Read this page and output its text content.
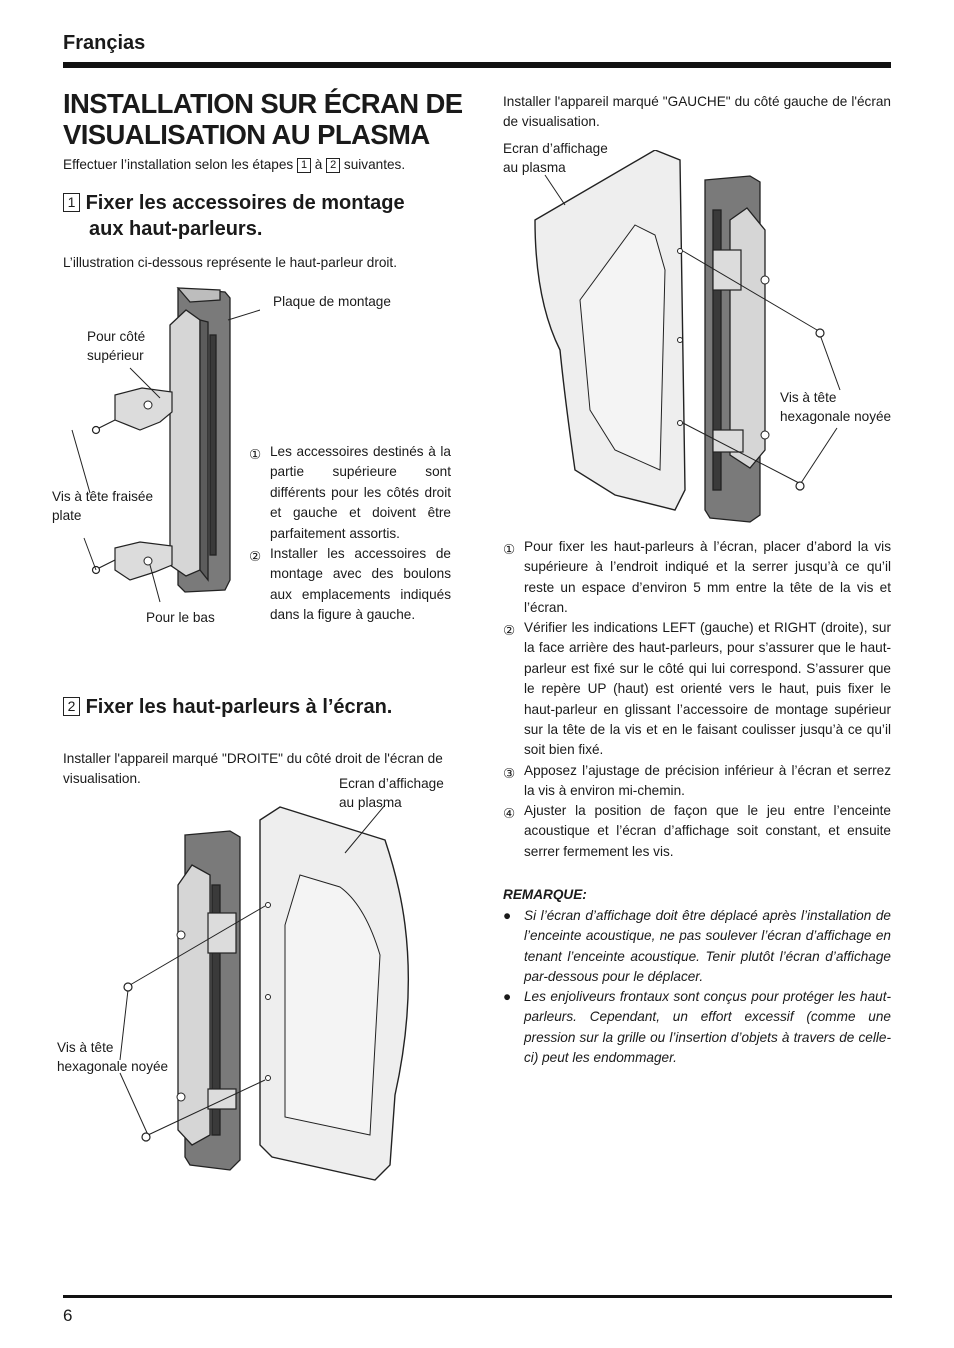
Françias
INSTALLATION SUR ÉCRAN DE VISUALISATION AU PLASMA
Effectuer l’installation selon les étapes 1 à 2 suivantes.
1 Fixer les accessoires de montage
aux haut-parleurs.
L’illustration ci-dessous représente le haut-parleur droit.
Plaque de montage
Pour côté
supérieur
Vis à tête fraisée
plate
Pour le bas
① Les accessoires destinés à la partie supérieure sont différents pour les côtés droit et gauche et doivent être parfaitement assortis.
② Installer les accessoires de montage avec des boulons aux emplacements indiqués dans la figure à gauche.
2 Fixer les haut-parleurs à l’écran.
Installer l'appareil marqué "DROITE" du côté droit de l'écran de visualisation.	Ecran d’affichage
au plasma
Vis à tête
hexagonale noyée
Installer l'appareil marqué "GAUCHE" du côté gauche de l'écran de visualisation.
Ecran d’affichage
au plasma
Vis à tête
hexagonale noyée
① Pour fixer les haut-parleurs à l’écran, placer d’abord la vis supérieure à l’endroit indiqué et la serrer jusqu’à ce qu’il reste un espace d’environ 5 mm entre la tête de la vis et l’écran.
② Vérifier les indications LEFT (gauche) et RIGHT (droite), sur la face arrière des haut-parleurs, pour s’assurer que le haut-parleur est fixé sur le côté qui lui correspond. S’assurer que le repère UP (haut) est orienté vers le haut, puis fixer le haut-parleur en glissant l’accessoire de montage supérieur sur la tête de la vis et en le faisant coulisser jusqu’à ce qu’il soit bien fixé.
③ Apposez l’ajustage de précision inférieur à l’écran et serrez la vis à environ mi-chemin.
④ Ajuster la position de façon que le jeu entre l’enceinte acoustique et l’écran d’affichage soit constant, et ensuite serrer fermement les vis.
REMARQUE:
● Si l’écran d’affichage doit être déplacé après l’installation de l’enceinte acoustique, ne pas soulever l’écran d’affichage en tenant l’enceinte acoustique. Tenir plutôt l’écran d’affichage par-dessous pour le déplacer.
● Les enjoliveurs frontaux sont conçus pour protéger les haut-parleurs. Cependant, un effort excessif (comme une pression sur la grille ou l’insertion d’objets à travers de celle-ci) peut les endommager.
6
